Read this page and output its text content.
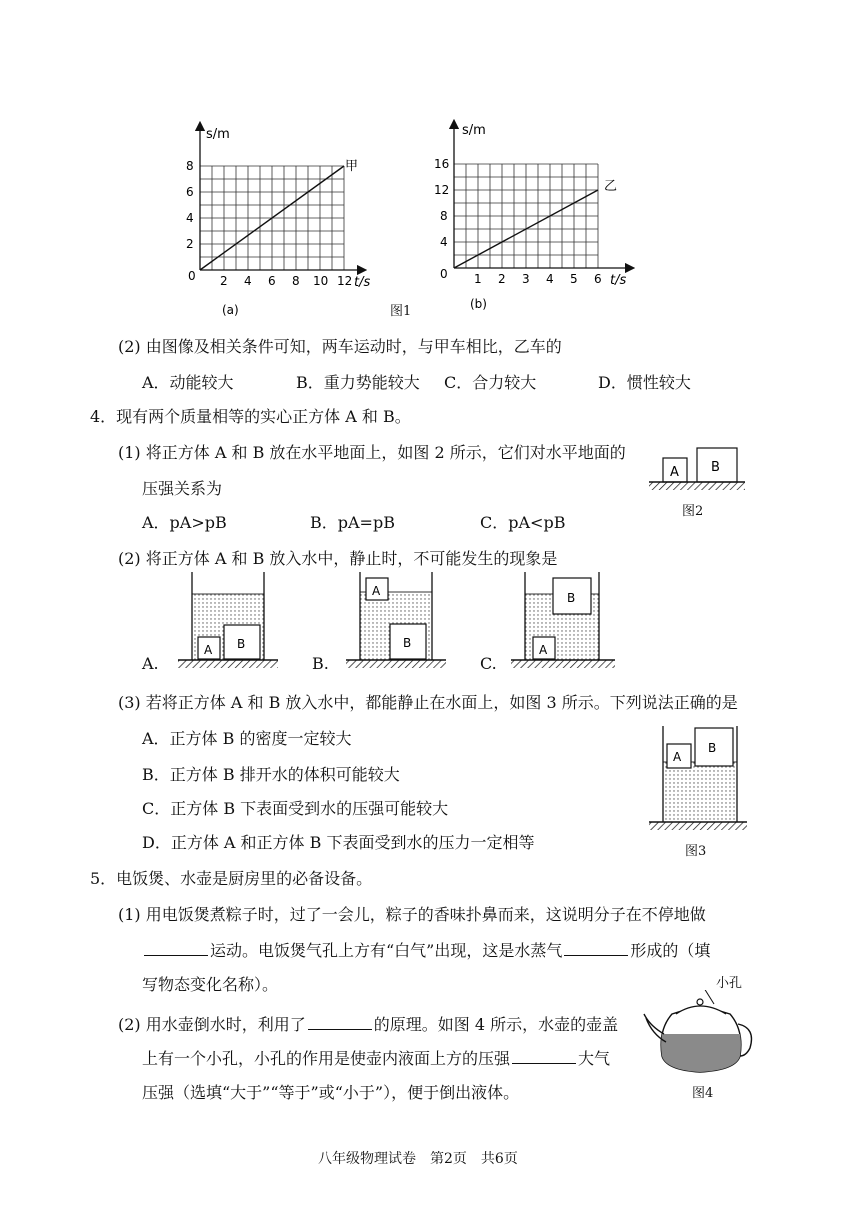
s/m
t/s
0 2 4 6 8 10 12
8
6
4
2
甲
(a)	图1
s/m
t/s
0 1 2 3 4 5 6
16
12
8
4
乙
(b)
(2) 由图像及相关条件可知，两车运动时，与甲车相比，乙车的
A．动能较大	B．重力势能较大 C．合力较大	D．惯性较大
4．现有两个质量相等的实心正方体 A 和 B。
(1) 将正方体 A 和 B 放在水平地面上，如图 2 所示，它们对水平地面的
压强关系为
A．pA>pB	B．pA=pB	C．pA<pB
A B
图2
(2) 将正方体 A 和 B 放入水中，静止时，不可能发生的现象是
A B
A.
A
B
B.
B
A
C.
(3) 若将正方体 A 和 B 放入水中，都能静止在水面上，如图 3 所示。下列说法正确的是
A．正方体 B 的密度一定较大
B．正方体 B 排开水的体积可能较大
C．正方体 B 下表面受到水的压强可能较大
D．正方体 A 和正方体 B 下表面受到水的压力一定相等
A
B
图3
5．电饭煲、水壶是厨房里的必备设备。
(1) 用电饭煲煮粽子时，过了一会儿，粽子的香味扑鼻而来，这说明分子在不停地做
运动。电饭煲气孔上方有“白气”出现，这是水蒸气	形成的（填
写物态变化名称）。
(2) 用水壶倒水时，利用了	的原理。如图 4 所示，水壶的壶盖
上有一个小孔，小孔的作用是使壶内液面上方的压强	大气
压强（选填“大于”“等于”或“小于”），便于倒出液体。
小孔
图4
八年级物理试卷　第2页　共6页
